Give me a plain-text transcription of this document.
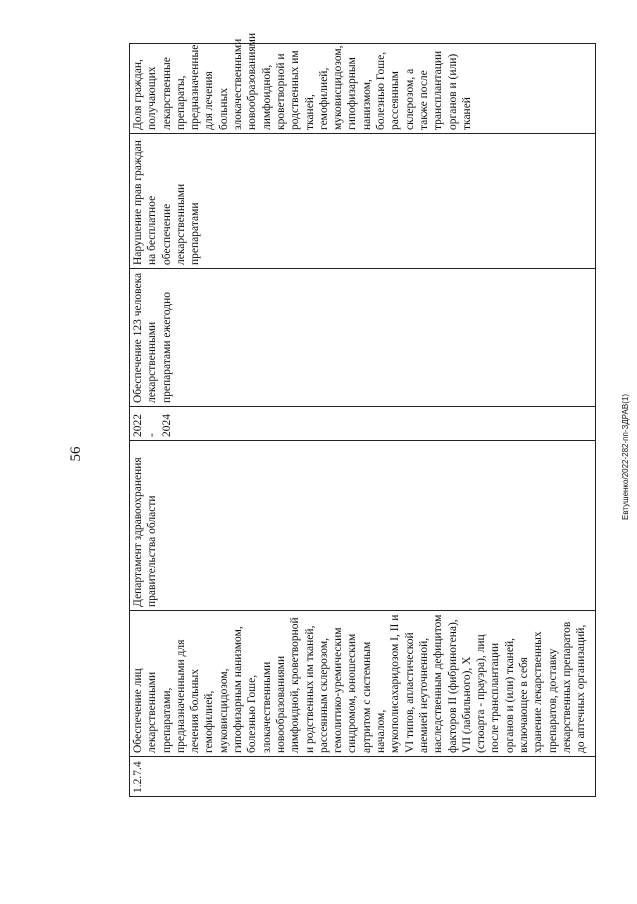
56	Евтушенко/2022-282-пп-ЗДРАВ(1)
1.2.7.4	Обеспечение лиц лекарственными препаратами, предназначенными для лечения больных гемофилией, муковисцидозом, гипофизарным нанизмом, болезнью Гоше, злокачественными новообразованиями лимфоидной, кроветворной и родственных им тканей, рассеянным склерозом, гемолитико-уремическим синдромом, юношеским артритом с системным началом, мукополисахаридозом I, II и VI типов, апластической анемией неуточненной, наследственным дефицитом факторов II (фибриногена), VII (лабильного), X (стюарта - прауэра), лиц после трансплантации органов и (или) тканей, включающее в себя хранение лекарственных препаратов, доставку лекарственных препаратов до аптечных организаций,	Департамент здравоохранения правительства области	2022 - 2024	Обеспечение 123 человека лекарственными препаратами ежегодно	Нарушение прав граждан на бесплатное обеспечение лекарственными препаратами	Доля граждан, получающих лекарственные препараты, предназначенные для лечения больных злокачественными новообразованиями лимфоидной, кроветворной и родственных им тканей, гемофилией, муковисцидозом, гипофизарным нанизмом, болезнью Гоше, рассеянным склерозом, а также после трансплантации органов и (или) тканей
